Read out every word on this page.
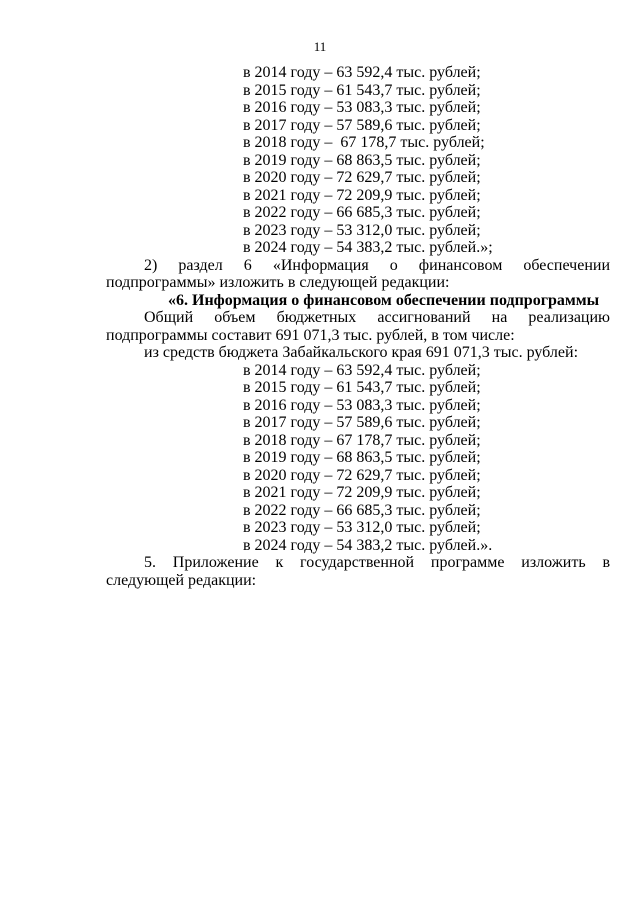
11
в 2014 году – 63 592,4 тыс. рублей;
в 2015 году – 61 543,7 тыс. рублей;
в 2016 году – 53 083,3 тыс. рублей;
в 2017 году – 57 589,6 тыс. рублей;
в 2018 году –  67 178,7 тыс. рублей;
в 2019 году – 68 863,5 тыс. рублей;
в 2020 году – 72 629,7 тыс. рублей;
в 2021 году – 72 209,9 тыс. рублей;
в 2022 году – 66 685,3 тыс. рублей;
в 2023 году – 53 312,0 тыс. рублей;
в 2024 году – 54 383,2 тыс. рублей.»;

2) раздел 6 «Информация о финансовом обеспечении подпрограммы» изложить в следующей редакции:

«6. Информация о финансовом обеспечении подпрограммы

Общий объем бюджетных ассигнований на реализацию подпрограммы составит 691 071,3 тыс. рублей, в том числе:

из средств бюджета Забайкальского края 691 071,3 тыс. рублей:

в 2014 году – 63 592,4 тыс. рублей;
в 2015 году – 61 543,7 тыс. рублей;
в 2016 году – 53 083,3 тыс. рублей;
в 2017 году – 57 589,6 тыс. рублей;
в 2018 году – 67 178,7 тыс. рублей;
в 2019 году – 68 863,5 тыс. рублей;
в 2020 году – 72 629,7 тыс. рублей;
в 2021 году – 72 209,9 тыс. рублей;
в 2022 году – 66 685,3 тыс. рублей;
в 2023 году – 53 312,0 тыс. рублей;
в 2024 году – 54 383,2 тыс. рублей.».

5. Приложение к государственной программе изложить в следующей редакции:
